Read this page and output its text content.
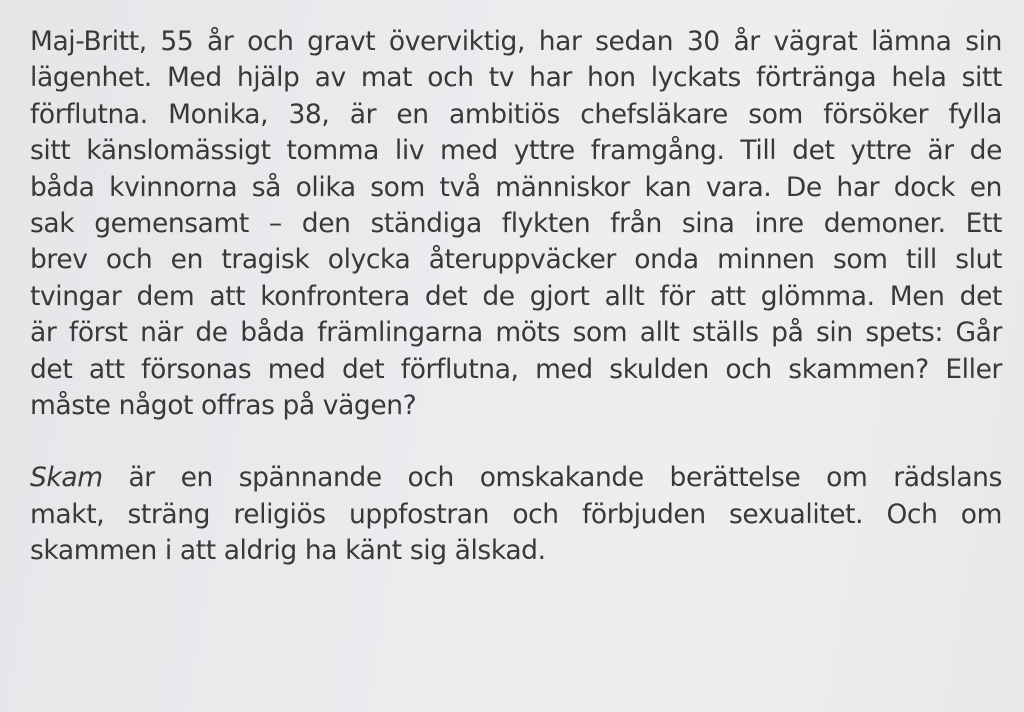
Maj-Britt, 55 år och gravt överviktig, har sedan 30 år vägrat lämna sin
lägenhet. Med hjälp av mat och tv har hon lyckats förtränga hela sitt
förflutna. Monika, 38, är en ambitiös chefsläkare som försöker fylla
sitt känslomässigt tomma liv med yttre framgång. Till det yttre är de
båda kvinnorna så olika som två människor kan vara. De har dock en
sak gemensamt – den ständiga flykten från sina inre demoner. Ett
brev och en tragisk olycka återuppväcker onda minnen som till slut
tvingar dem att konfrontera det de gjort allt för att glömma. Men det
är först när de båda främlingarna möts som allt ställs på sin spets: Går
det att försonas med det förflutna, med skulden och skammen? Eller
måste något offras på vägen?
Skam är en spännande och omskakande berättelse om rädslans
makt, sträng religiös uppfostran och förbjuden sexualitet. Och om
skammen i att aldrig ha känt sig älskad.
